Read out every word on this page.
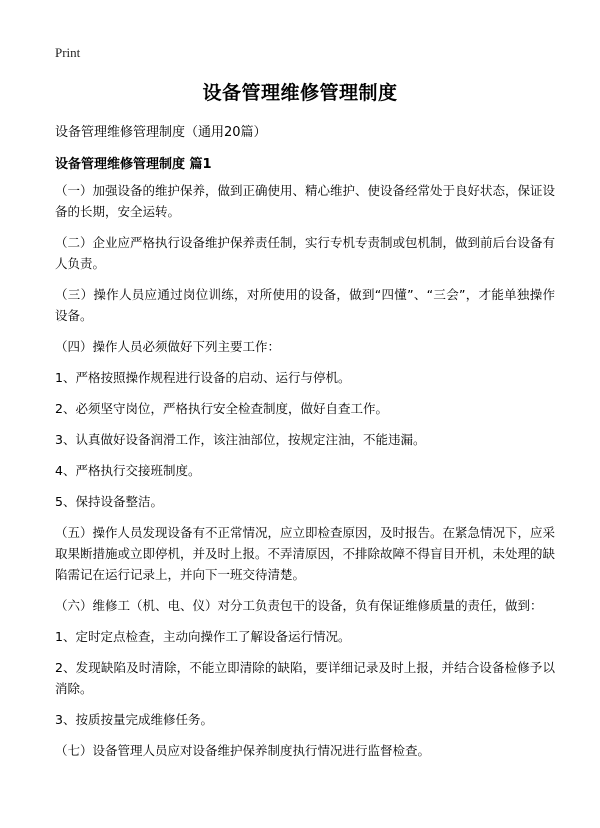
Print
设备管理维修管理制度
设备管理维修管理制度（通用20篇）
设备管理维修管理制度 篇1

（一）加强设备的维护保养，做到正确使用、精心维护、使设备经常处于良好状态，保证设备的长期，安全运转。

（二）企业应严格执行设备维护保养责任制，实行专机专责制或包机制，做到前后台设备有人负责。

（三）操作人员应通过岗位训练，对所使用的设备，做到“四懂”、“三会”，才能单独操作设备。

（四）操作人员必须做好下列主要工作：

1、严格按照操作规程进行设备的启动、运行与停机。

2、必须坚守岗位，严格执行安全检查制度，做好自查工作。

3、认真做好设备润滑工作，该注油部位，按规定注油，不能违漏。

4、严格执行交接班制度。

5、保持设备整洁。

（五）操作人员发现设备有不正常情况，应立即检查原因，及时报告。在紧急情况下，应采取果断措施或立即停机，并及时上报。不弄清原因，不排除故障不得盲目开机，未处理的缺陷需记在运行记录上，并向下一班交待清楚。

（六）维修工（机、电、仪）对分工负责包干的设备，负有保证维修质量的责任，做到：

1、定时定点检查，主动向操作工了解设备运行情况。

2、发现缺陷及时清除，不能立即清除的缺陷，要详细记录及时上报，并结合设备检修予以消除。

3、按质按量完成维修任务。

（七）设备管理人员应对设备维护保养制度执行情况进行监督检查。
